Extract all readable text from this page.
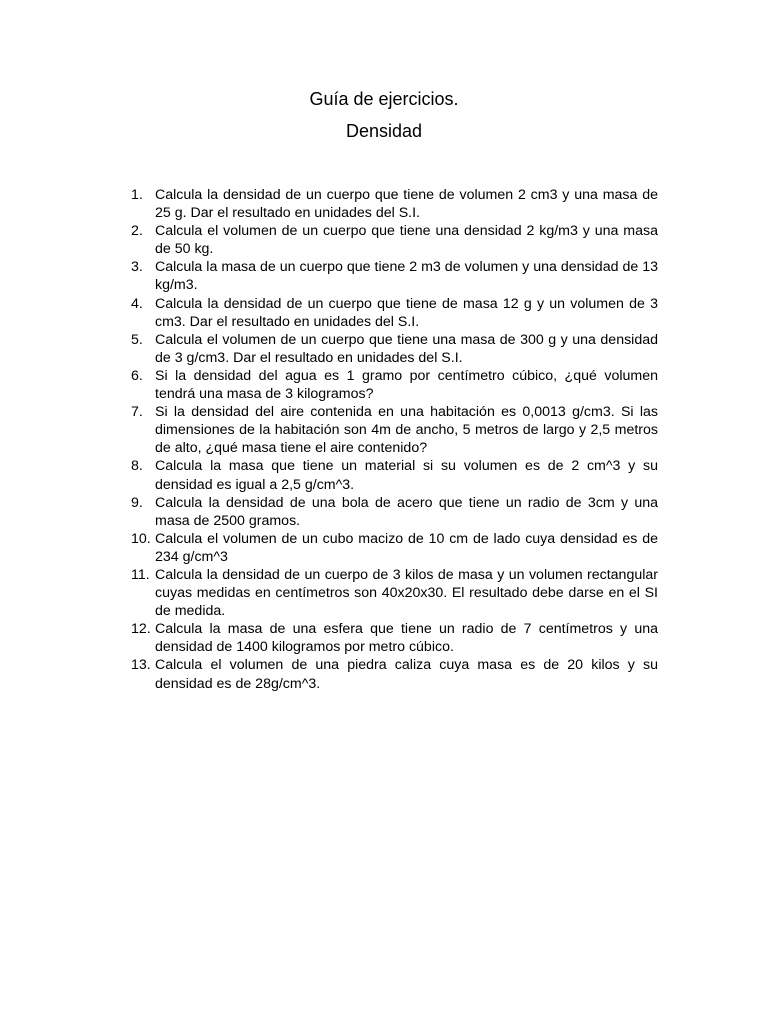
Guía de ejercicios.
Densidad
1. Calcula la densidad de un cuerpo que tiene de volumen 2 cm3 y una masa de 25 g. Dar el resultado en unidades del S.I.
2. Calcula el volumen de un cuerpo que tiene una densidad 2 kg/m3 y una masa de 50 kg.
3. Calcula la masa de un cuerpo que tiene 2 m3 de volumen y una densidad de 13 kg/m3.
4. Calcula la densidad de un cuerpo que tiene de masa 12 g y un volumen de 3 cm3. Dar el resultado en unidades del S.I.
5. Calcula el volumen de un cuerpo que tiene una masa de 300 g y una densidad de 3 g/cm3. Dar el resultado en unidades del S.I.
6. Si la densidad del agua es 1 gramo por centímetro cúbico, ¿qué volumen tendrá una masa de 3 kilogramos?
7. Si la densidad del aire contenida en una habitación es 0,0013 g/cm3. Si las dimensiones de la habitación son 4m de ancho, 5 metros de largo y 2,5 metros de alto, ¿qué masa tiene el aire contenido?
8. Calcula la masa que tiene un material si su volumen es de 2 cm^3 y su densidad es igual a 2,5 g/cm^3.
9. Calcula la densidad de una bola de acero que tiene un radio de 3cm y una masa de 2500 gramos.
10. Calcula el volumen de un cubo macizo de 10 cm de lado cuya densidad es de 234 g/cm^3
11. Calcula la densidad de un cuerpo de 3 kilos de masa y un volumen rectangular cuyas medidas en centímetros son 40x20x30. El resultado debe darse en el SI de medida.
12. Calcula la masa de una esfera que tiene un radio de 7 centímetros y una densidad de 1400 kilogramos por metro cúbico.
13. Calcula el volumen de una piedra caliza cuya masa es de 20 kilos y su densidad es de 28g/cm^3.
